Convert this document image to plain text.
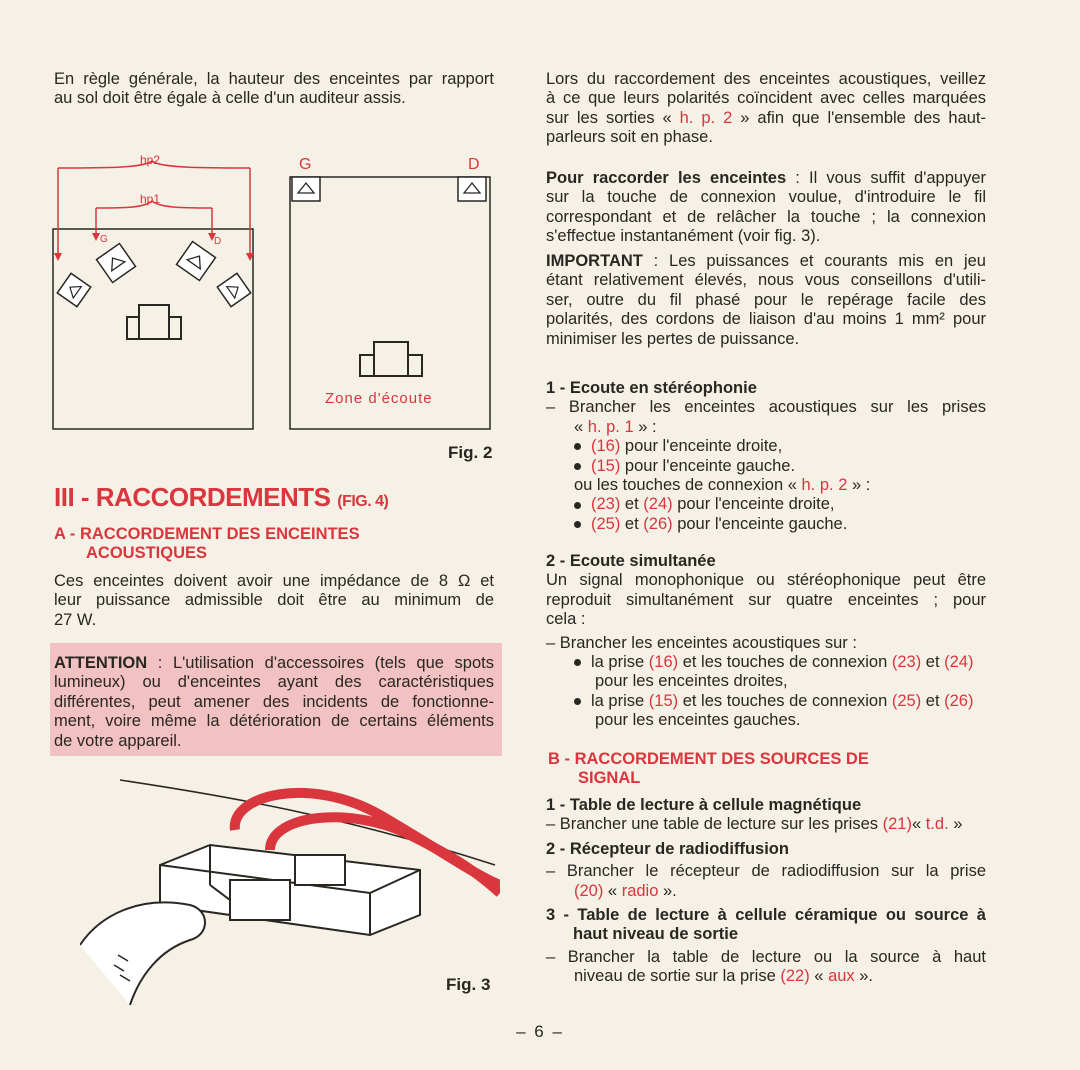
En règle générale, la hauteur des enceintes par rapport
au sol doit être égale à celle d'un auditeur assis.
hp2
hp1
G	D
G	D
Zone d'écoute
Fig. 2
III - RACCORDEMENTS (FIG. 4)
A - RACCORDEMENT DES ENCEINTES
ACOUSTIQUES
Ces enceintes doivent avoir une impédance de 8 Ω et
leur puissance admissible doit être au minimum de
27 W.
ATTENTION : L'utilisation d'accessoires (tels que spots
lumineux) ou d'enceintes ayant des caractéristiques
différentes, peut amener des incidents de fonctionne-
ment, voire même la détérioration de certains éléments
de votre appareil.
Fig. 3
Lors du raccordement des enceintes acoustiques, veillez
à ce que leurs polarités coïncident avec celles marquées
sur les sorties « h. p. 2 » afin que l'ensemble des haut-
parleurs soit en phase.
Pour raccorder les enceintes : Il vous suffit d'appuyer
sur la touche de connexion voulue, d'introduire le fil
correspondant et de relâcher la touche ; la connexion
s'effectue instantanément (voir fig. 3).
IMPORTANT : Les puissances et courants mis en jeu
étant relativement élevés, nous vous conseillons d'utili-
ser, outre du fil phasé pour le repérage facile des
polarités, des cordons de liaison d'au moins 1 mm² pour
minimiser les pertes de puissance.
1 - Ecoute en stéréophonie
– Brancher les enceintes acoustiques sur les prises
« h. p. 1 » :
(16) pour l'enceinte droite,
(15) pour l'enceinte gauche.
ou les touches de connexion « h. p. 2 » :
(23) et (24) pour l'enceinte droite,
(25) et (26) pour l'enceinte gauche.
2 - Ecoute simultanée
Un signal monophonique ou stéréophonique peut être
reproduit simultanément sur quatre enceintes ; pour
cela :
– Brancher les enceintes acoustiques sur :
la prise (16) et les touches de connexion (23) et (24)
pour les enceintes droites,
la prise (15) et les touches de connexion (25) et (26)
pour les enceintes gauches.
B - RACCORDEMENT DES SOURCES DE
SIGNAL
1 - Table de lecture à cellule magnétique
– Brancher une table de lecture sur les prises (21)« t.d. »
2 - Récepteur de radiodiffusion
– Brancher le récepteur de radiodiffusion sur la prise
(20) « radio ».
3 - Table de lecture à cellule céramique ou source à
haut niveau de sortie
– Brancher la table de lecture ou la source à haut
niveau de sortie sur la prise (22) « aux ».
– 6 –
